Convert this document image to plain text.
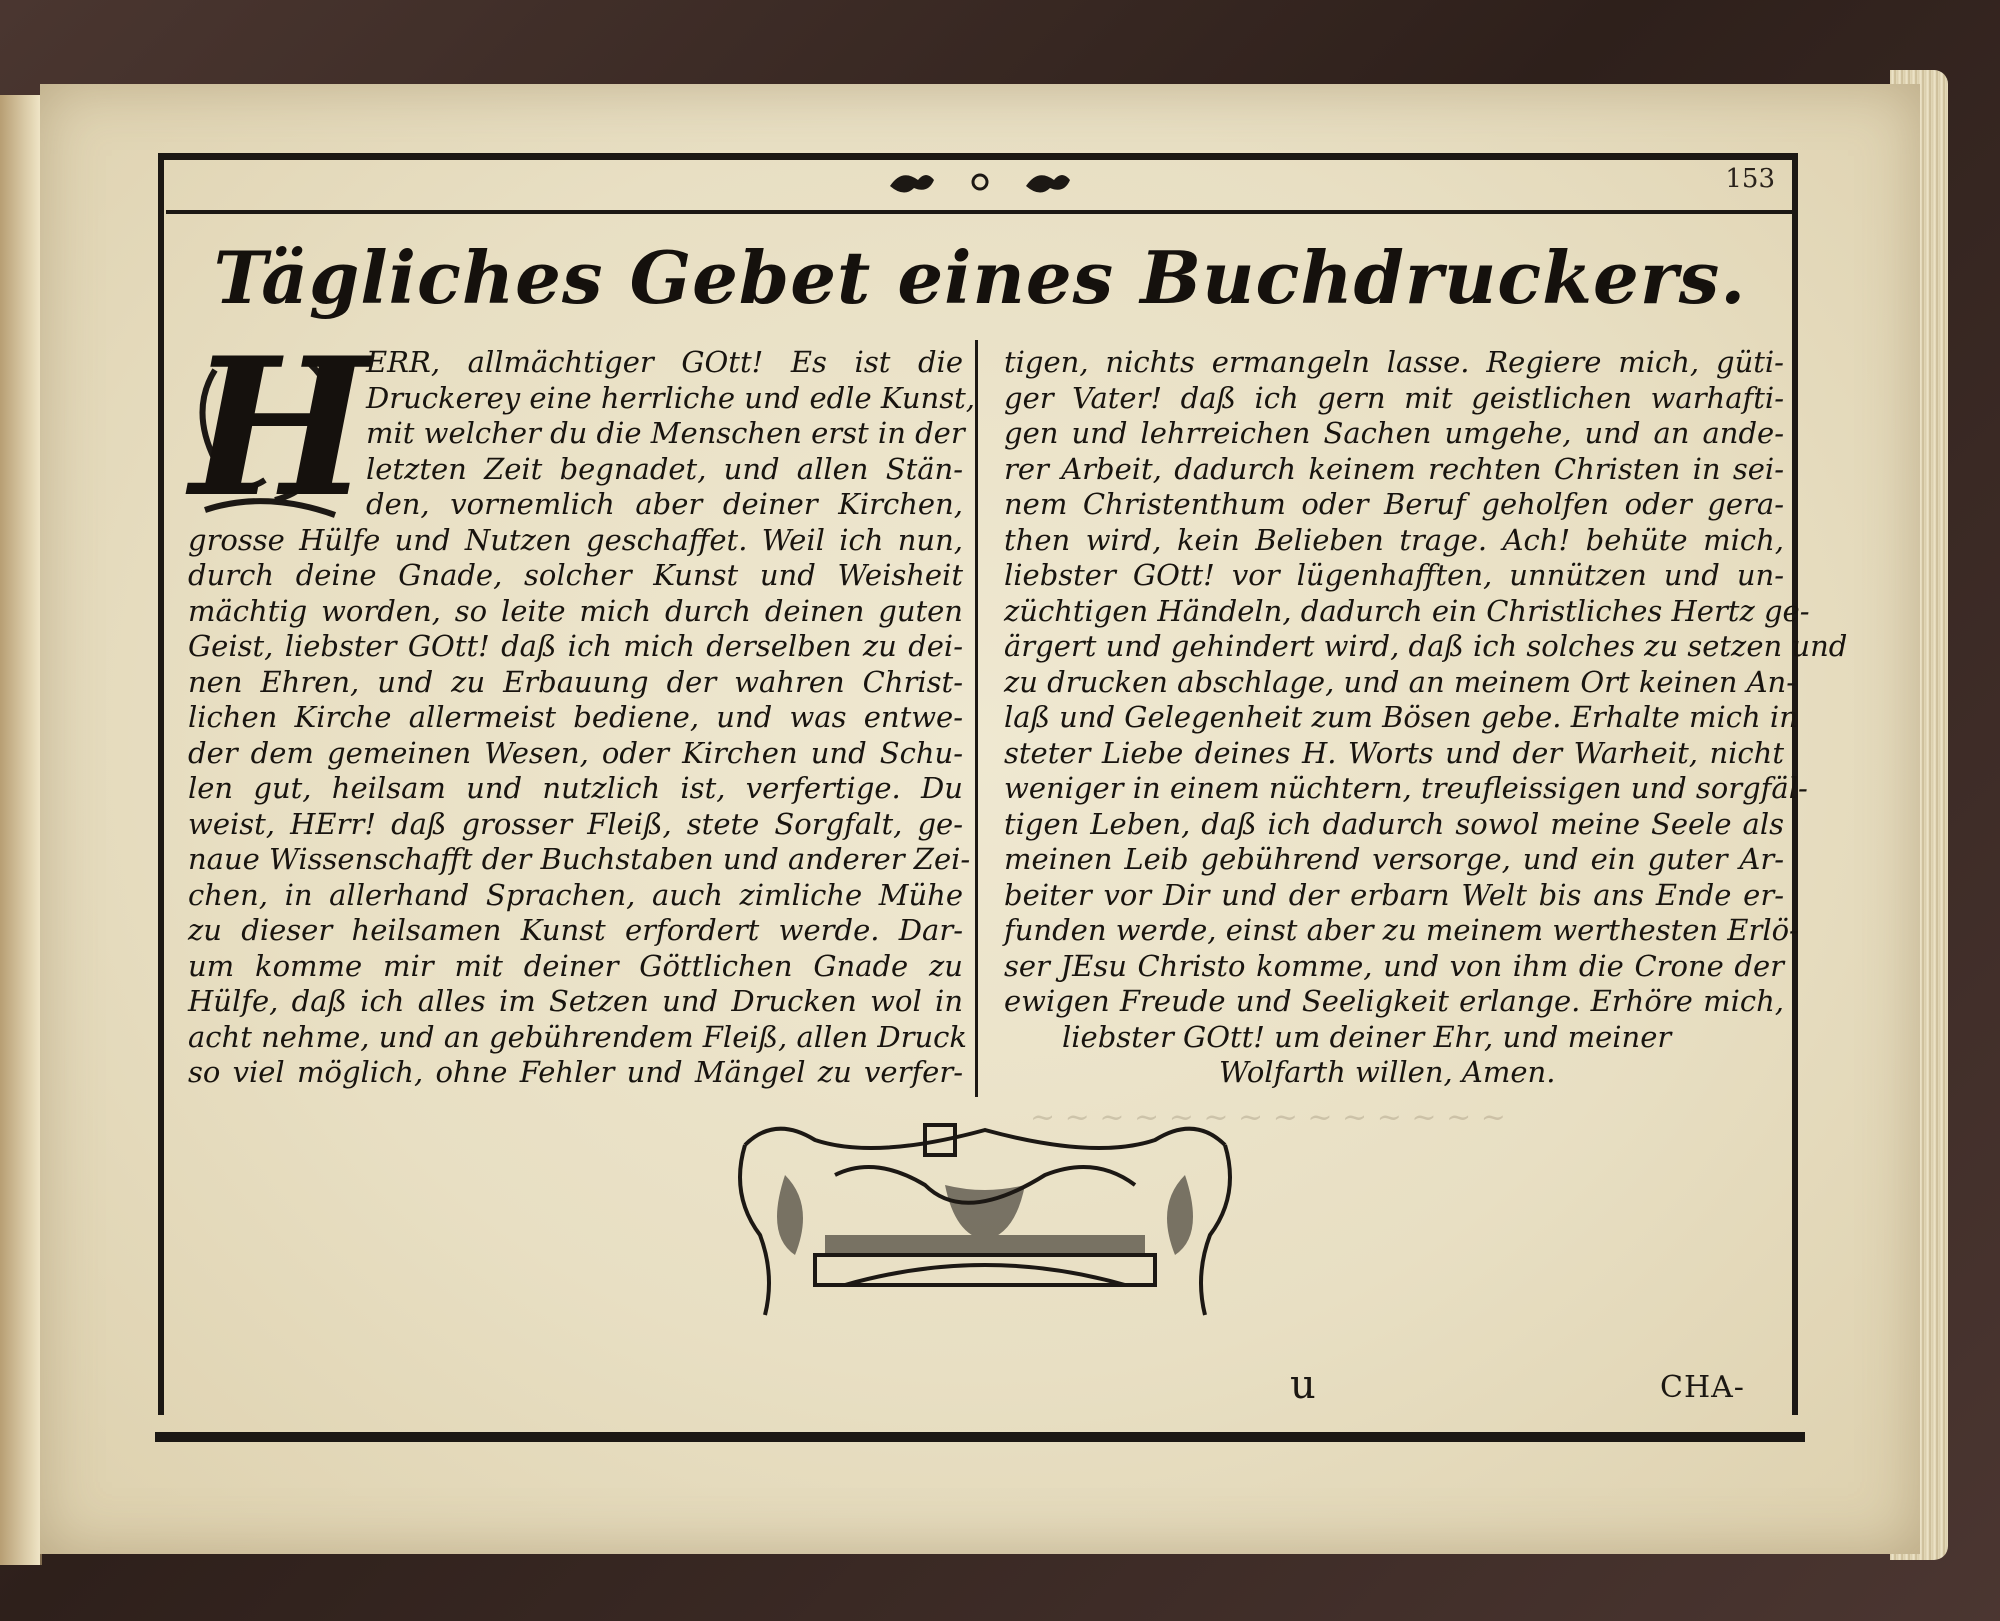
~ ~ ~ ~ ~ ~ ~ ~ ~ ~ ~ ~ ~ ~
153
Tägliches Gebet eines Buchdruckers.
H
ERR, allmächtiger GOtt! Es ist die
Druckerey eine herrliche und edle Kunst,
mit welcher du die Menschen erst in der
letzten Zeit begnadet, und allen Stän-
den, vornemlich aber deiner Kirchen,
grosse Hülfe und Nutzen geschaffet. Weil ich nun,
durch deine Gnade, solcher Kunst und Weisheit
mächtig worden, so leite mich durch deinen guten
Geist, liebster GOtt! daß ich mich derselben zu dei-
nen Ehren, und zu Erbauung der wahren Christ-
lichen Kirche allermeist bediene, und was entwe-
der dem gemeinen Wesen, oder Kirchen und Schu-
len gut, heilsam und nutzlich ist, verfertige. Du
weist, HErr! daß grosser Fleiß, stete Sorgfalt, ge-
naue Wissenschafft der Buchstaben und anderer Zei-
chen, in allerhand Sprachen, auch zimliche Mühe
zu dieser heilsamen Kunst erfordert werde. Dar-
um komme mir mit deiner Göttlichen Gnade zu
Hülfe, daß ich alles im Setzen und Drucken wol in
acht nehme, und an gebührendem Fleiß, allen Druck
so viel möglich, ohne Fehler und Mängel zu verfer-
tigen, nichts ermangeln lasse. Regiere mich, güti-
ger Vater! daß ich gern mit geistlichen warhafti-
gen und lehrreichen Sachen umgehe, und an ande-
rer Arbeit, dadurch keinem rechten Christen in sei-
nem Christenthum oder Beruf geholfen oder gera-
then wird, kein Belieben trage. Ach! behüte mich,
liebster GOtt! vor lügenhafften, unnützen und un-
züchtigen Händeln, dadurch ein Christliches Hertz ge-
ärgert und gehindert wird, daß ich solches zu setzen und
zu drucken abschlage, und an meinem Ort keinen An-
laß und Gelegenheit zum Bösen gebe. Erhalte mich in
steter Liebe deines H. Worts und der Warheit, nicht
weniger in einem nüchtern, treufleissigen und sorgfäl-
tigen Leben, daß ich dadurch sowol meine Seele als
meinen Leib gebührend versorge, und ein guter Ar-
beiter vor Dir und der erbarn Welt bis ans Ende er-
funden werde, einst aber zu meinem werthesten Erlö-
ser JEsu Christo komme, und von ihm die Crone der
ewigen Freude und Seeligkeit erlange. Erhöre mich,
liebster GOtt! um deiner Ehr, und meiner
Wolfarth willen, Amen.
u	CHA-
